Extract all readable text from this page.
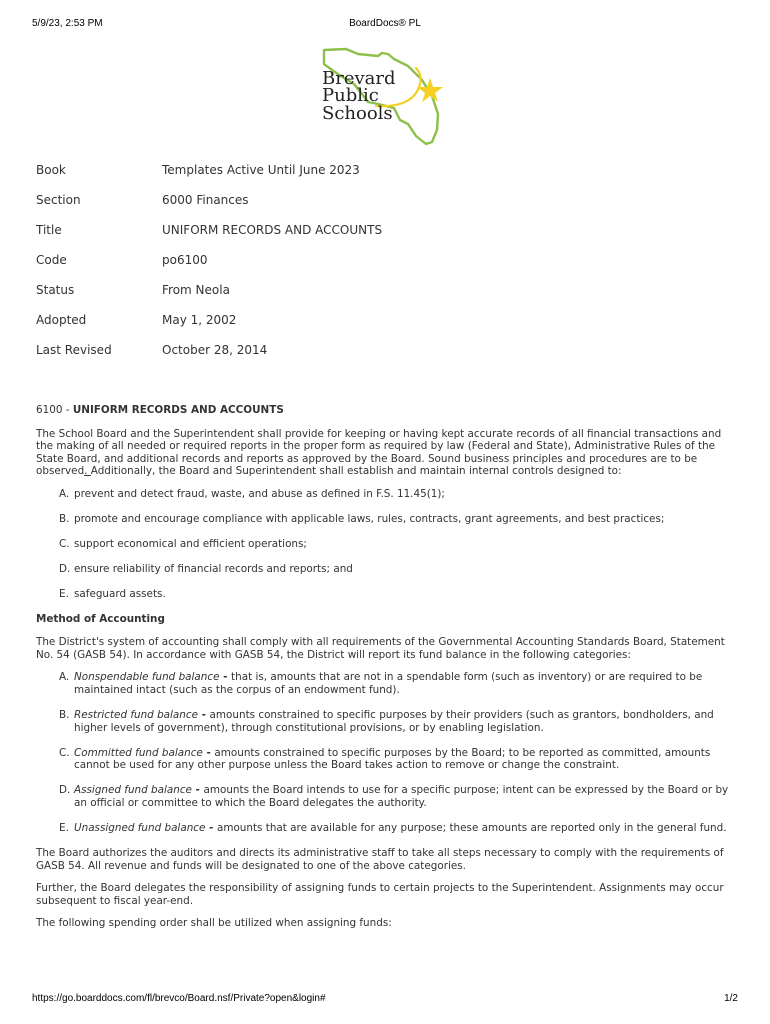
5/9/23, 2:53 PM	BoardDocs® PL
Brevard
Public
Schools
Book	Templates Active Until June 2023
Section	6000 Finances
Title	UNIFORM RECORDS AND ACCOUNTS
Code	po6100
Status	From Neola
Adopted	May 1, 2002
Last Revised	October 28, 2014
6100 - UNIFORM RECORDS AND ACCOUNTS

The School Board and the Superintendent shall provide for keeping or having kept accurate records of all financial transactions and the making of all needed or required reports in the proper form as required by law (Federal and State), Administrative Rules of the State Board, and additional records and reports as approved by the Board. Sound business principles and procedures are to be observed. Additionally, the Board and Superintendent shall establish and maintain internal controls designed to:

A. prevent and detect fraud, waste, and abuse as defined in F.S. 11.45(1);
B. promote and encourage compliance with applicable laws, rules, contracts, grant agreements, and best practices;
C. support economical and efficient operations;
D. ensure reliability of financial records and reports; and
E. safeguard assets.
Method of Accounting

The District's system of accounting shall comply with all requirements of the Governmental Accounting Standards Board, Statement No. 54 (GASB 54). In accordance with GASB 54, the District will report its fund balance in the following categories:

A. Nonspendable fund balance - that is, amounts that are not in a spendable form (such as inventory) or are required to be maintained intact (such as the corpus of an endowment fund).
B. Restricted fund balance - amounts constrained to specific purposes by their providers (such as grantors, bondholders, and higher levels of government), through constitutional provisions, or by enabling legislation.
C. Committed fund balance - amounts constrained to specific purposes by the Board; to be reported as committed, amounts cannot be used for any other purpose unless the Board takes action to remove or change the constraint.
D. Assigned fund balance - amounts the Board intends to use for a specific purpose; intent can be expressed by the Board or by an official or committee to which the Board delegates the authority.
E. Unassigned fund balance - amounts that are available for any purpose; these amounts are reported only in the general fund.

The Board authorizes the auditors and directs its administrative staff to take all steps necessary to comply with the requirements of GASB 54. All revenue and funds will be designated to one of the above categories.

Further, the Board delegates the responsibility of assigning funds to certain projects to the Superintendent. Assignments may occur subsequent to fiscal year-end.

The following spending order shall be utilized when assigning funds:

https://go.boarddocs.com/fl/brevco/Board.nsf/Private?open&login#	1/2
